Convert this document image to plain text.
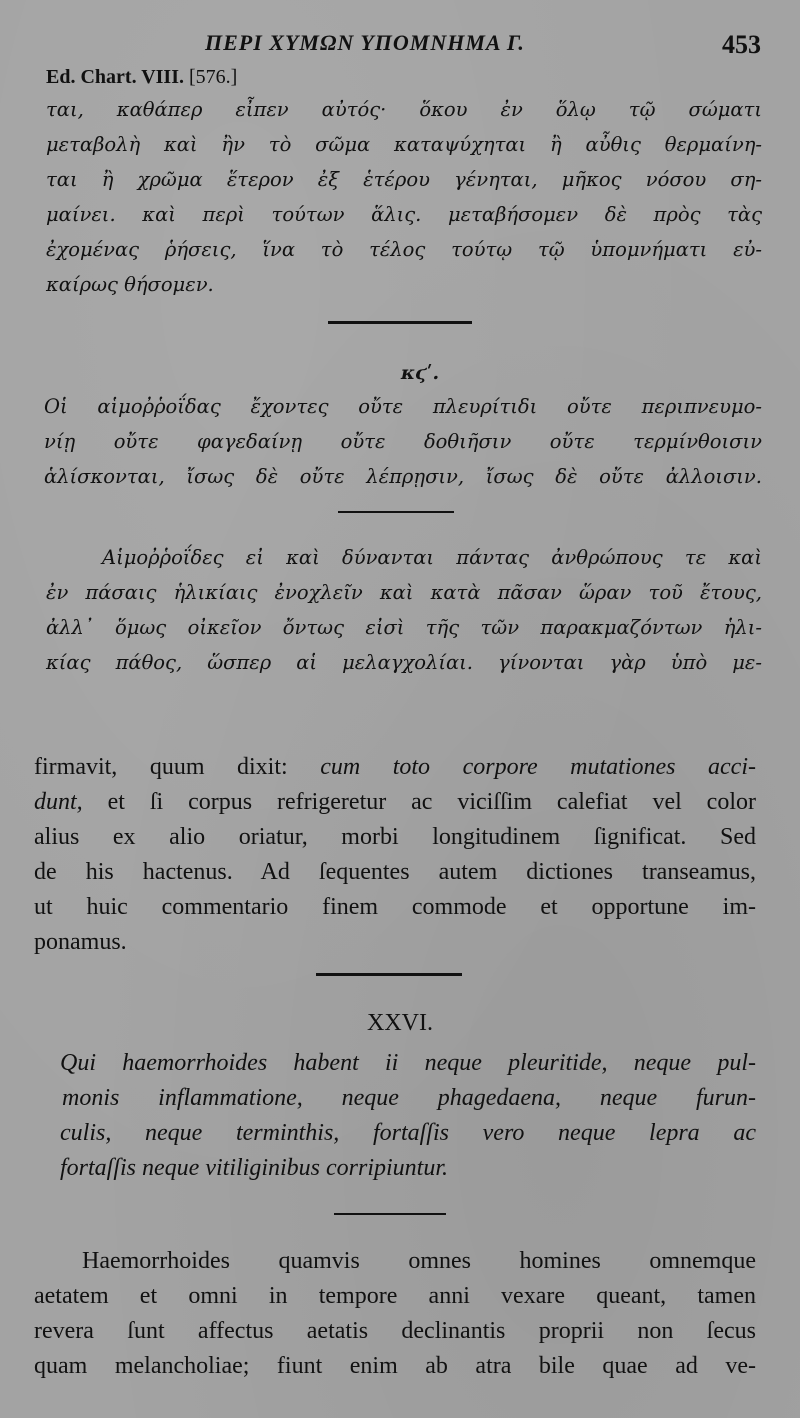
ΠΕΡΙ ΧΥΜΩΝ ΥΠΟΜΝΗΜΑ Γ.	453
Ed. Chart. VIII. [576.]
ται, καθάπερ εἶπεν αὐτός· ὅκου ἐν ὅλῳ τῷ σώματι
μεταβολὴ καὶ ἢν τὸ σῶμα καταψύχηται ἢ αὖθις θερμαίνη-
ται ἢ χρῶμα ἕτερον ἐξ ἑτέρου γένηται, μῆκος νόσου ση-
μαίνει. καὶ περὶ τούτων ἅλις. μεταβήσομεν δὲ πρὸς τὰς
ἐχομένας ῥήσεις, ἵνα τὸ τέλος τούτῳ τῷ ὑπομνήματι εὐ-
καίρως θήσομεν.
κϛʹ.
Οἱ αἱμοῤῥοΐδας ἔχοντες οὔτε πλευρίτιδι οὔτε περιπνευμο-
νίῃ οὔτε φαγεδαίνῃ οὔτε δοθιῆσιν οὔτε τερμίνθοισιν
ἁλίσκονται, ἴσως δὲ οὔτε λέπρῃσιν, ἴσως δὲ οὔτε ἀλλοισιν.
Αἱμοῤῥοΐδες εἰ καὶ δύνανται πάντας ἀνθρώπους τε καὶ
ἐν πάσαις ἡλικίαις ἐνοχλεῖν καὶ κατὰ πᾶσαν ὥραν τοῦ ἔτους,
ἀλλ᾽ ὅμως οἰκεῖον ὄντως εἰσὶ τῆς τῶν παρακμαζόντων ἡλι-
κίας πάθος, ὥσπερ αἱ μελαγχολίαι. γίνονται γὰρ ὑπὸ με-
firmavit, quum dixit: cum toto corpore mutationes acci-
dunt, et ſi corpus refrigeretur ac viciſſim calefiat vel color
alius ex alio oriatur, morbi longitudinem ſignificat. Sed
de his hactenus. Ad ſequentes autem dictiones transeamus,
ut huic commentario finem commode et opportune im-
ponamus.
XXVI.
Qui haemorrhoides habent ii neque pleuritide, neque pul-
monis inflammatione, neque phagedaena, neque furun-
culis, neque terminthis, fortaſſis vero neque lepra ac
fortaſſis neque vitiliginibus corripiuntur.
Haemorrhoides quamvis omnes homines omnemque
aetatem et omni in tempore anni vexare queant, tamen
revera ſunt affectus aetatis declinantis proprii non ſecus
quam melancholiae; fiunt enim ab atra bile quae ad ve-
